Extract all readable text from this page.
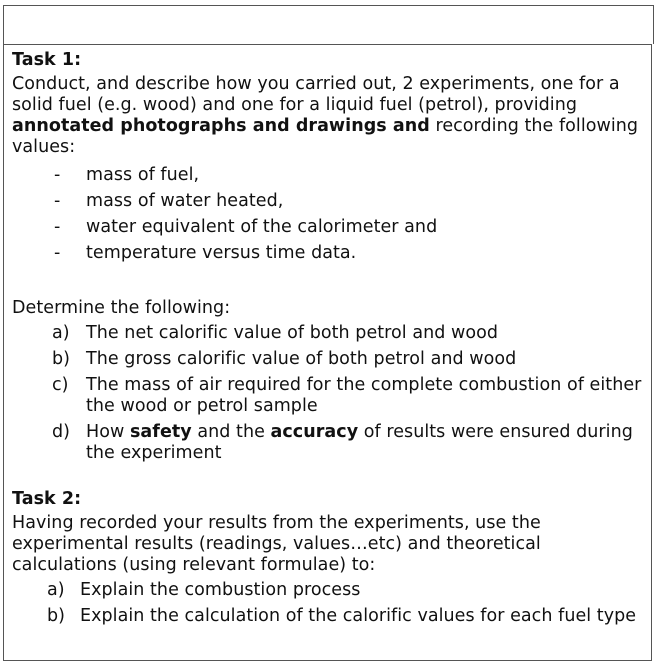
Task 1:

Conduct, and describe how you carried out, 2 experiments, one for a solid fuel (e.g. wood) and one for a liquid fuel (petrol), providing annotated photographs and drawings and recording the following values:

- mass of fuel,
- mass of water heated,
- water equivalent of the calorimeter and
- temperature versus time data.

Determine the following:

a) The net calorific value of both petrol and wood
b) The gross calorific value of both petrol and wood
c) The mass of air required for the complete combustion of either the wood or petrol sample
d) How safety and the accuracy of results were ensured during the experiment

Task 2:

Having recorded your results from the experiments, use the experimental results (readings, values…etc) and theoretical calculations (using relevant formulae) to:

a) Explain the combustion process
b) Explain the calculation of the calorific values for each fuel type
